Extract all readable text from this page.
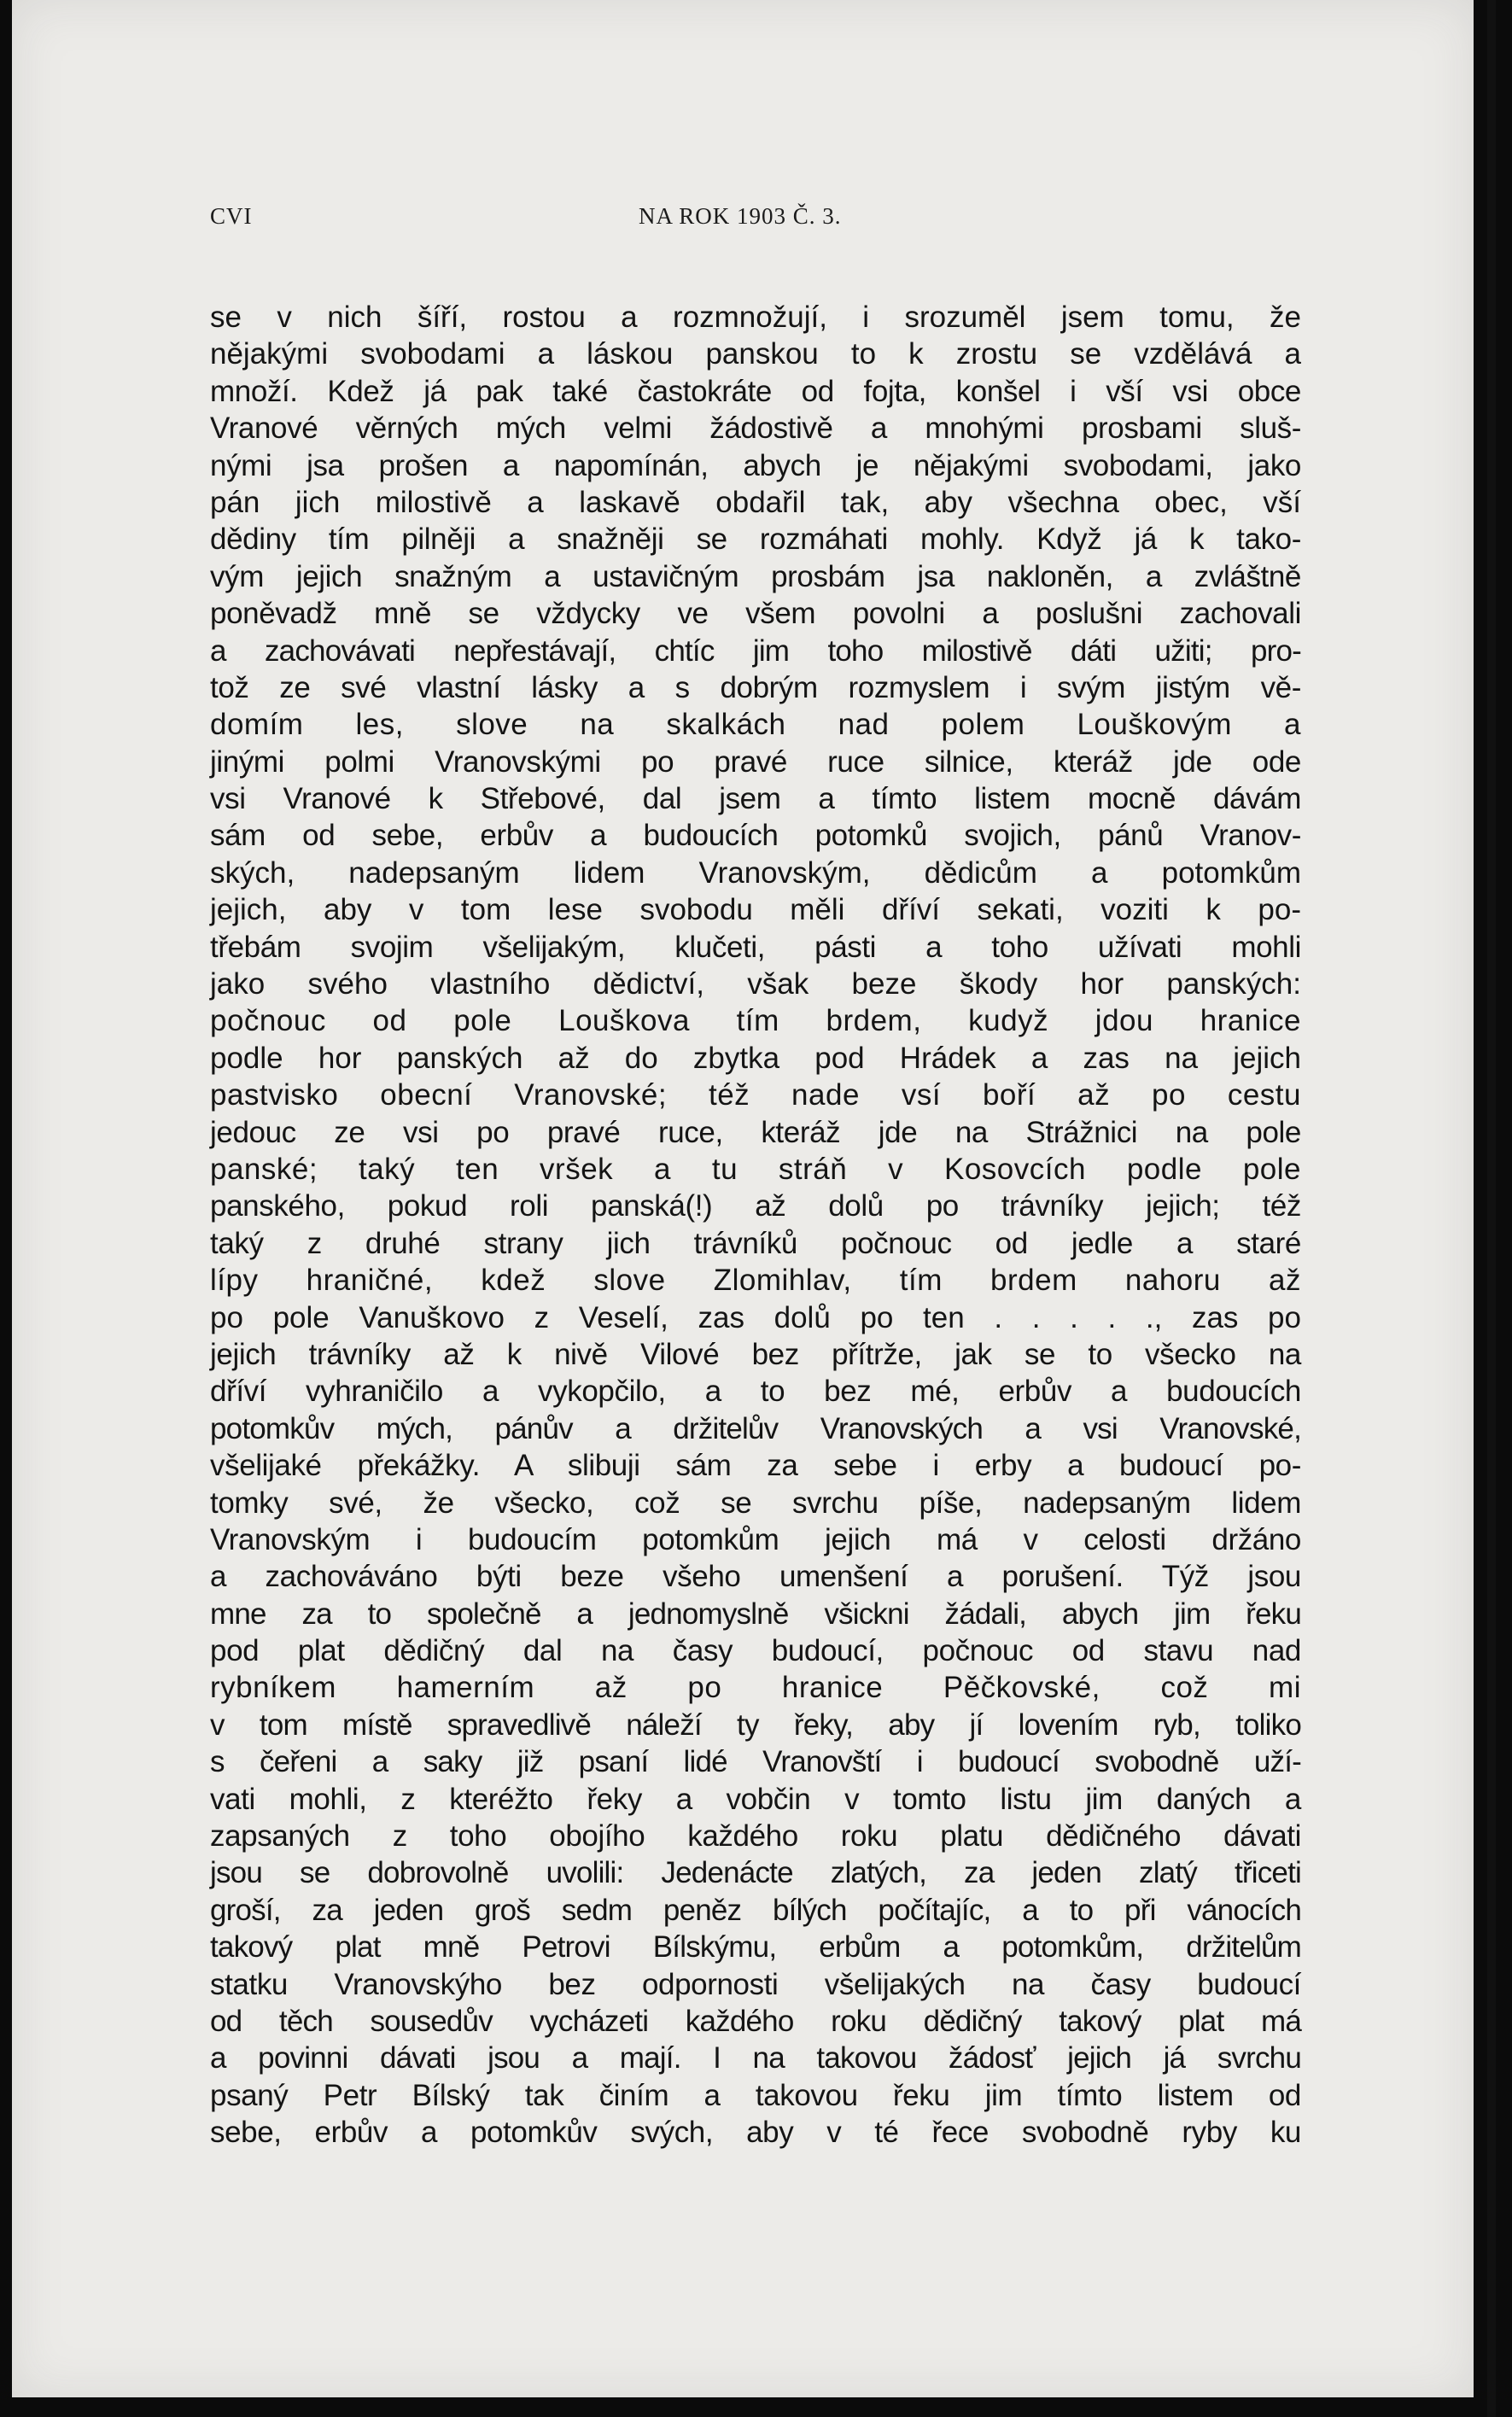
CVI	NA ROK 1903 Č. 3.
se v nich šíří, rostou a rozmnožují, i srozuměl jsem tomu, že
nějakými svobodami a láskou panskou to k zrostu se vzdělává a
množí. Kdež já pak také častokráte od fojta, konšel i vší vsi obce
Vranové věrných mých velmi žádostivě a mnohými prosbami sluš-
nými jsa prošen a napomínán, abych je nějakými svobodami, jako
pán jich milostivě a laskavě obdařil tak, aby všechna obec, vší
dědiny tím pilněji a snažněji se rozmáhati mohly. Když já k tako-
vým jejich snažným a ustavičným prosbám jsa nakloněn, a zvláštně
poněvadž mně se vždycky ve všem povolni a poslušni zachovali
a zachovávati nepřestávají, chtíc jim toho milostivě dáti užiti; pro-
tož ze své vlastní lásky a s dobrým rozmyslem i svým jistým vě-
domím les, slove na skalkách nad polem Louškovým a
jinými polmi Vranovskými po pravé ruce silnice, kteráž jde ode
vsi Vranové k Střebové, dal jsem a tímto listem mocně dávám
sám od sebe, erbův a budoucích potomků svojich, pánů Vranov-
ských, nadepsaným lidem Vranovským, dědicům a potomkům
jejich, aby v tom lese svobodu měli dříví sekati, voziti k po-
třebám svojim všelijakým, klučeti, pásti a toho užívati mohli
jako svého vlastního dědictví, však beze škody hor panských:
počnouc od pole Louškova tím brdem, kudyž jdou hranice
podle hor panských až do zbytka pod Hrádek a zas na jejich
pastvisko obecní Vranovské; též nade vsí boří až po cestu
jedouc ze vsi po pravé ruce, kteráž jde na Strážnici na pole
panské; taký ten vršek a tu stráň v Kosovcích podle pole
panského, pokud roli panská(!) až dolů po trávníky jejich; též
taký z druhé strany jich trávníků počnouc od jedle a staré
lípy hraničné, kdež slove Zlomihlav, tím brdem nahoru až
po pole Vanuškovo z Veselí, zas dolů po ten . . . . ., zas po
jejich trávníky až k nivě Vilové bez přítrže, jak se to všecko na
dříví vyhraničilo a vykopčilo, a to bez mé, erbův a budoucích
potomkův mých, pánův a držitelův Vranovských a vsi Vranovské,
všelijaké překážky. A slibuji sám za sebe i erby a budoucí po-
tomky své, že všecko, což se svrchu píše, nadepsaným lidem
Vranovským i budoucím potomkům jejich má v celosti držáno
a zachováváno býti beze všeho umenšení a porušení. Týž jsou
mne za to společně a jednomyslně všickni žádali, abych jim řeku
pod plat dědičný dal na časy budoucí, počnouc od stavu nad
rybníkem hamerním až po hranice Pěčkovské, což mi
v tom místě spravedlivě náleží ty řeky, aby jí lovením ryb, toliko
s čeřeni a saky již psaní lidé Vranovští i budoucí svobodně uží-
vati mohli, z kteréžto řeky a vobčin v tomto listu jim daných a
zapsaných z toho obojího každého roku platu dědičného dávati
jsou se dobrovolně uvolili: Jedenácte zlatých, za jeden zlatý třiceti
groší, za jeden groš sedm peněz bílých počítajíc, a to při vánocích
takový plat mně Petrovi Bílskýmu, erbům a potomkům, držitelům
statku Vranovskýho bez odpornosti všelijakých na časy budoucí
od těch sousedův vycházeti každého roku dědičný takový plat má
a povinni dávati jsou a mají. I na takovou žádosť jejich já svrchu
psaný Petr Bílský tak činím a takovou řeku jim tímto listem od
sebe, erbův a potomkův svých, aby v té řece svobodně ryby ku
